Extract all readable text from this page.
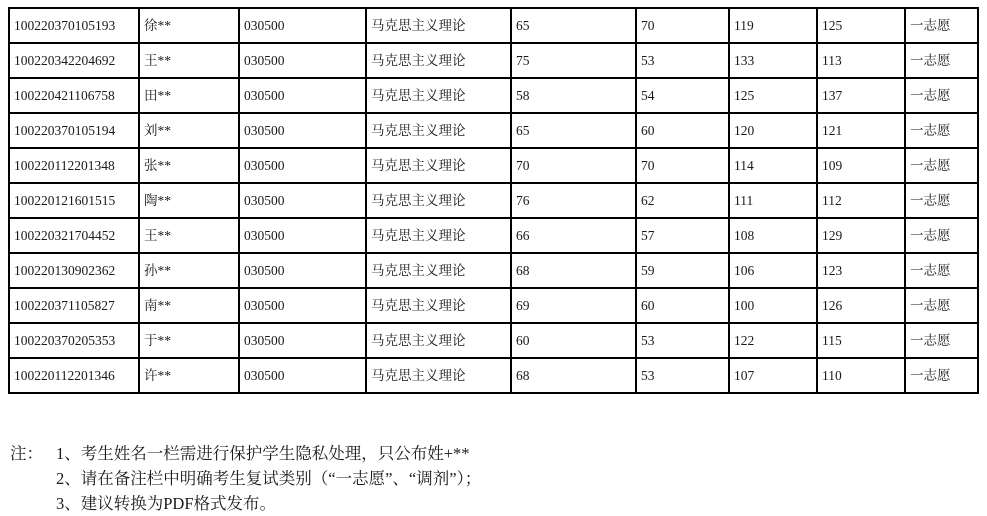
100220370105193	徐**	030500	马克思主义理论	65	70	119	125	一志愿
100220342204692	王**	030500	马克思主义理论	75	53	133	113	一志愿
100220421106758	田**	030500	马克思主义理论	58	54	125	137	一志愿
100220370105194	刘**	030500	马克思主义理论	65	60	120	121	一志愿
100220112201348	张**	030500	马克思主义理论	70	70	114	109	一志愿
100220121601515	陶**	030500	马克思主义理论	76	62	111	112	一志愿
100220321704452	王**	030500	马克思主义理论	66	57	108	129	一志愿
100220130902362	孙**	030500	马克思主义理论	68	59	106	123	一志愿
100220371105827	南**	030500	马克思主义理论	69	60	100	126	一志愿
100220370205353	于**	030500	马克思主义理论	60	53	122	115	一志愿
100220112201346	许**	030500	马克思主义理论	68	53	107	110	一志愿
注： 1、考生姓名一栏需进行保护学生隐私处理，只公布姓+**
2、请在备注栏中明确考生复试类别（“一志愿”、“调剂”）；
3、建议转换为PDF格式发布。
